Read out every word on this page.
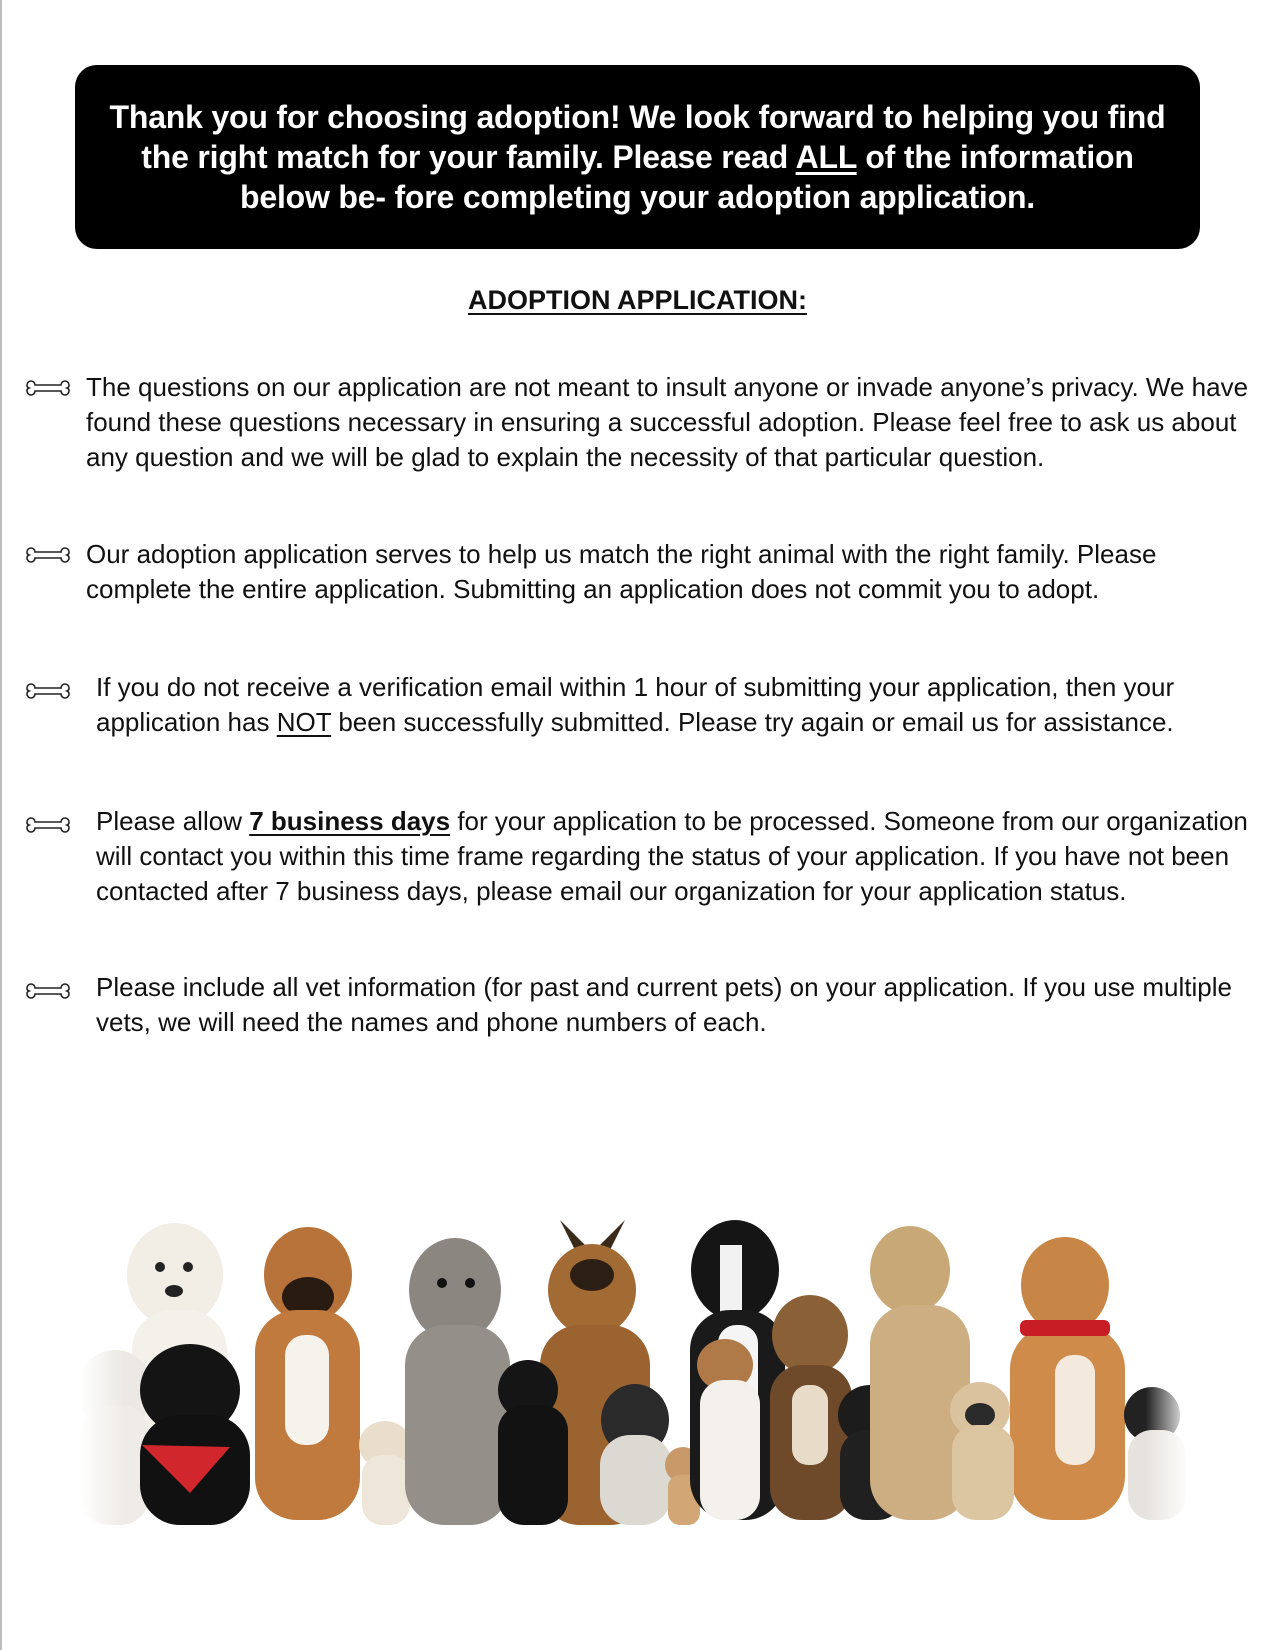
Thank you for choosing adoption! We look forward to helping you find the right match for your family. Please read ALL of the information below be- fore completing your adoption application.

ADOPTION APPLICATION:

The questions on our application are not meant to insult anyone or invade anyone’s privacy. We have found these questions necessary in ensuring a successful adoption. Please feel free to ask us about any question and we will be glad to explain the necessity of that particular question.

Our adoption application serves to help us match the right animal with the right family. Please complete the entire application. Submitting an application does not commit you to adopt.

If you do not receive a verification email within 1 hour of submitting your application, then your application has NOT been successfully submitted. Please try again or email us for assistance.

Please allow 7 business days for your application to be processed. Someone from our organization will contact you within this time frame regarding the status of your application. If you have not been contacted after 7 business days, please email our organization for your application status.

Please include all vet information (for past and current pets) on your application. If you use multiple vets, we will need the names and phone numbers of each.
